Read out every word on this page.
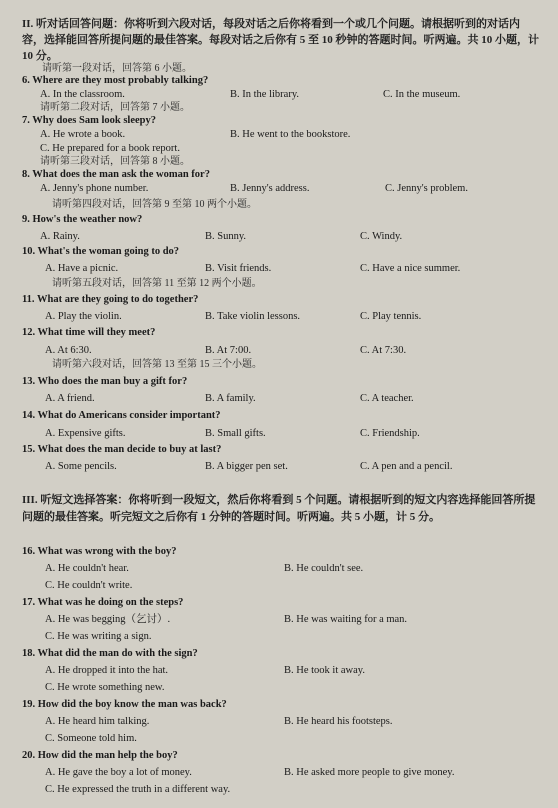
II. 听对话回答问题：你将听到六段对话，每段对话之后你将看到一个或几个问题。请根据听到的对话内容，选择能回答所提问题的最佳答案。每段对话之后你有 5 至 10 秒钟的答题时间。听两遍。共 10 小题，计 10 分。
请听第一段对话，回答第 6 小题。
6. Where are they most probably talking?
A. In the classroom.	B. In the library.	C. In the museum.
请听第二段对话，回答第 7 小题。
7. Why does Sam look sleepy?
A. He wrote a book.	B. He went to the bookstore.
C. He prepared for a book report.
请听第三段对话，回答第 8 小题。
8. What does the man ask the woman for?
A. Jenny's phone number.	B. Jenny's address.	C. Jenny's problem.
请听第四段对话，回答第 9 至第 10 两个小题。
9. How's the weather now?
A. Rainy.	B. Sunny.	C. Windy.
10. What's the woman going to do?
A. Have a picnic.	B. Visit friends.	C. Have a nice summer.
请听第五段对话，回答第 11 至第 12 两个小题。
11. What are they going to do together?
A. Play the violin.	B. Take violin lessons.	C. Play tennis.
12. What time will they meet?
A. At 6:30.	B. At 7:00.	C. At 7:30.
请听第六段对话，回答第 13 至第 15 三个小题。
13. Who does the man buy a gift for?
A. A friend.	B. A family.	C. A teacher.
14. What do Americans consider important?
A. Expensive gifts.	B. Small gifts.	C. Friendship.
15. What does the man decide to buy at last?
A. Some pencils.	B. A bigger pen set.	C. A pen and a pencil.
III. 听短文选择答案：你将听到一段短文，然后你将看到 5 个问题。请根据听到的短文内容选择能回答所提问题的最佳答案。听完短文之后你有 1 分钟的答题时间。听两遍。共 5 小题，计 5 分。
16. What was wrong with the boy?
A. He couldn't hear.	B. He couldn't see.
C. He couldn't write.
17. What was he doing on the steps?
A. He was begging（乞讨）.	B. He was waiting for a man.
C. He was writing a sign.
18. What did the man do with the sign?
A. He dropped it into the hat.	B. He took it away.
C. He wrote something new.
19. How did the boy know the man was back?
A. He heard him talking.	B. He heard his footsteps.
C. Someone told him.
20. How did the man help the boy?
A. He gave the boy a lot of money.	B. He asked more people to give money.
C. He expressed the truth in a different way.
